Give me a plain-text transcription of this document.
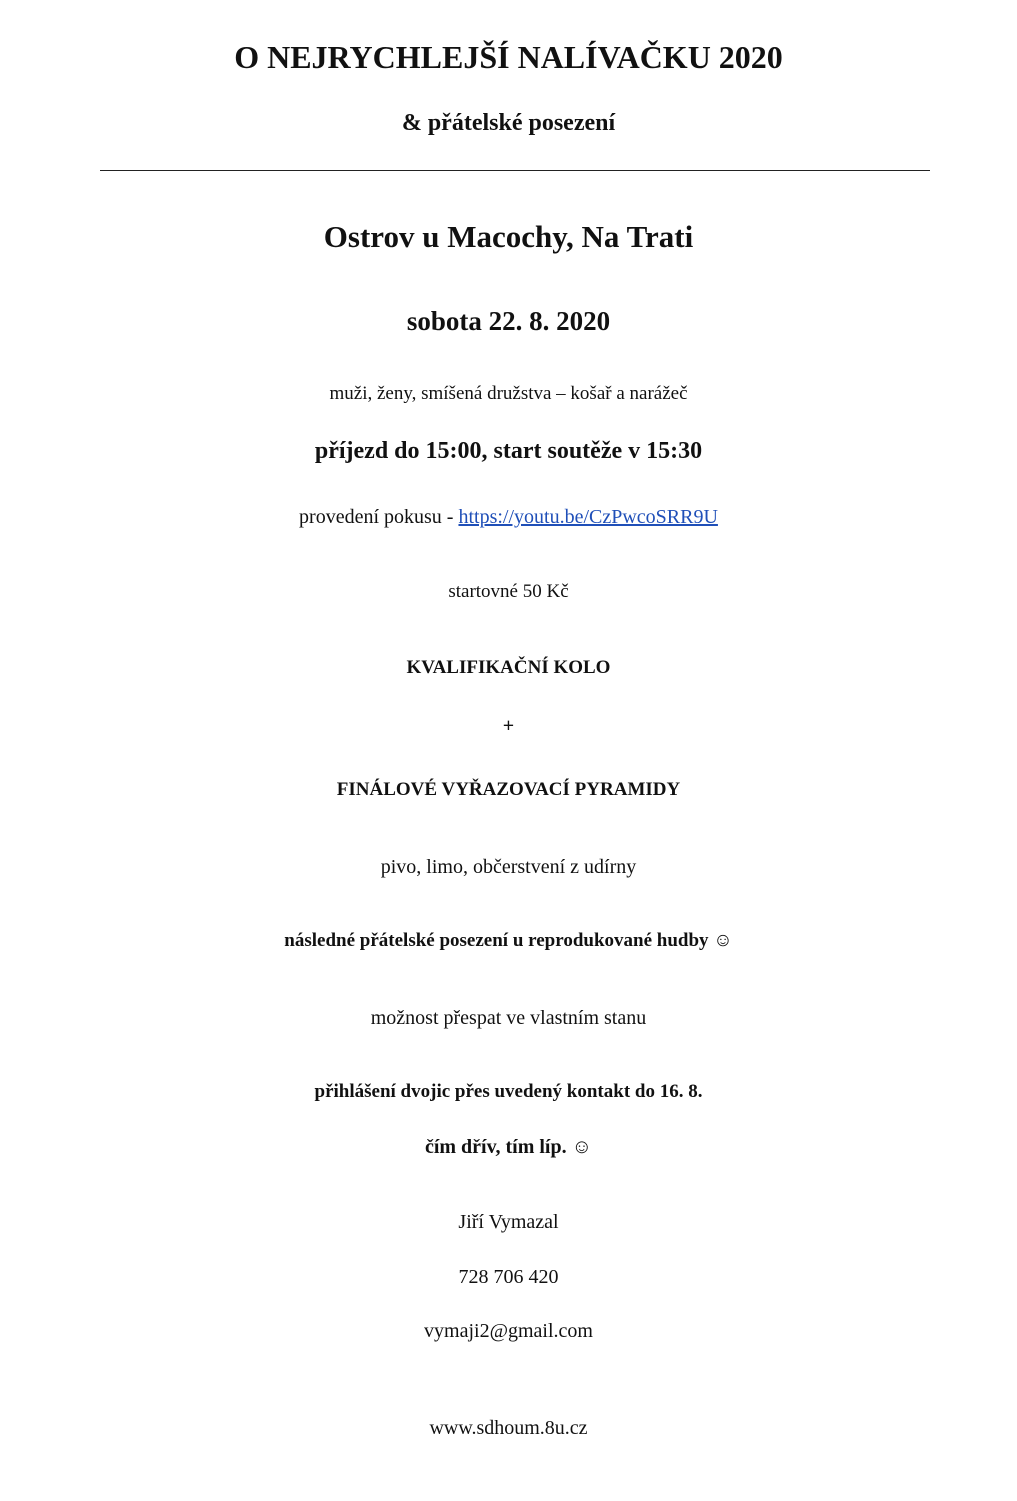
O NEJRYCHLEJŠÍ NALÍVAČKU 2020
& přátelské posezení
Ostrov u Macochy, Na Trati
sobota 22. 8. 2020
muži, ženy, smíšená družstva – košař a narážeč
příjezd do 15:00, start soutěže v 15:30
provedení pokusu - https://youtu.be/CzPwcoSRR9U
startovné 50 Kč
KVALIFIKAČNÍ KOLO
+
FINÁLOVÉ VYŘAZOVACÍ PYRAMIDY
pivo, limo, občerstvení z udírny
následné přátelské posezení u reprodukované hudby ☺
možnost přespat ve vlastním stanu
přihlášení dvojic přes uvedený kontakt do 16. 8.
čím dřív, tím líp. ☺
Jiří Vymazal
728 706 420
vymaji2@gmail.com
www.sdhoum.8u.cz
